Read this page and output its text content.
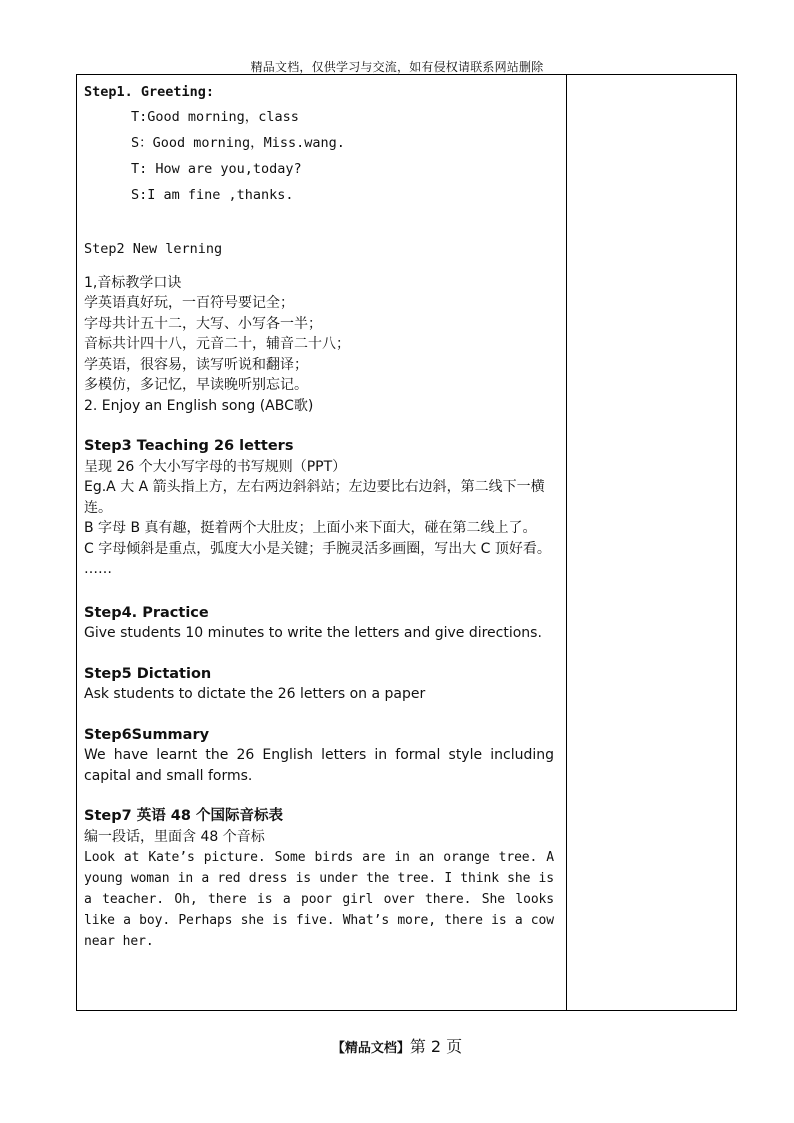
精品文档，仅供学习与交流，如有侵权请联系网站删除

Step1. Greeting:

T:Good morning，class

S：Good morning，Miss.wang.

T: How are you,today?

S:I am fine ,thanks.

Step2 New lerning

1,音标教学口诀

学英语真好玩，一百符号要记全；

字母共计五十二，大写、小写各一半；

音标共计四十八，元音二十，辅音二十八；

学英语，很容易，读写听说和翻译；

多模仿，多记忆，早读晚听别忘记。

2. Enjoy an English song (ABC歌)

Step3 Teaching 26 letters

呈现 26 个大小写字母的书写规则（PPT）

Eg.A 大 A 箭头指上方，左右两边斜斜站；左边要比右边斜，第二线下一横连。

B 字母 B 真有趣，挺着两个大肚皮；上面小来下面大，碰在第二线上了。

C 字母倾斜是重点，弧度大小是关键；手腕灵活多画圈，写出大 C 顶好看。

……

Step4. Practice

Give students 10 minutes to write the letters and give directions.

Step5 Dictation

Ask students to dictate the 26 letters on a paper

Step6Summary

We have learnt the 26 English letters in formal style including capital and small forms.

Step7 英语 48 个国际音标表

编一段话，里面含 48 个音标

Look at Kate’s picture. Some birds are in an orange tree. A young woman in a red dress is under the tree. I think she is a teacher. Oh, there is a poor girl over there. She looks like a boy. Perhaps she is five. What’s more, there is a cow near her.

【精品文档】第 2 页
